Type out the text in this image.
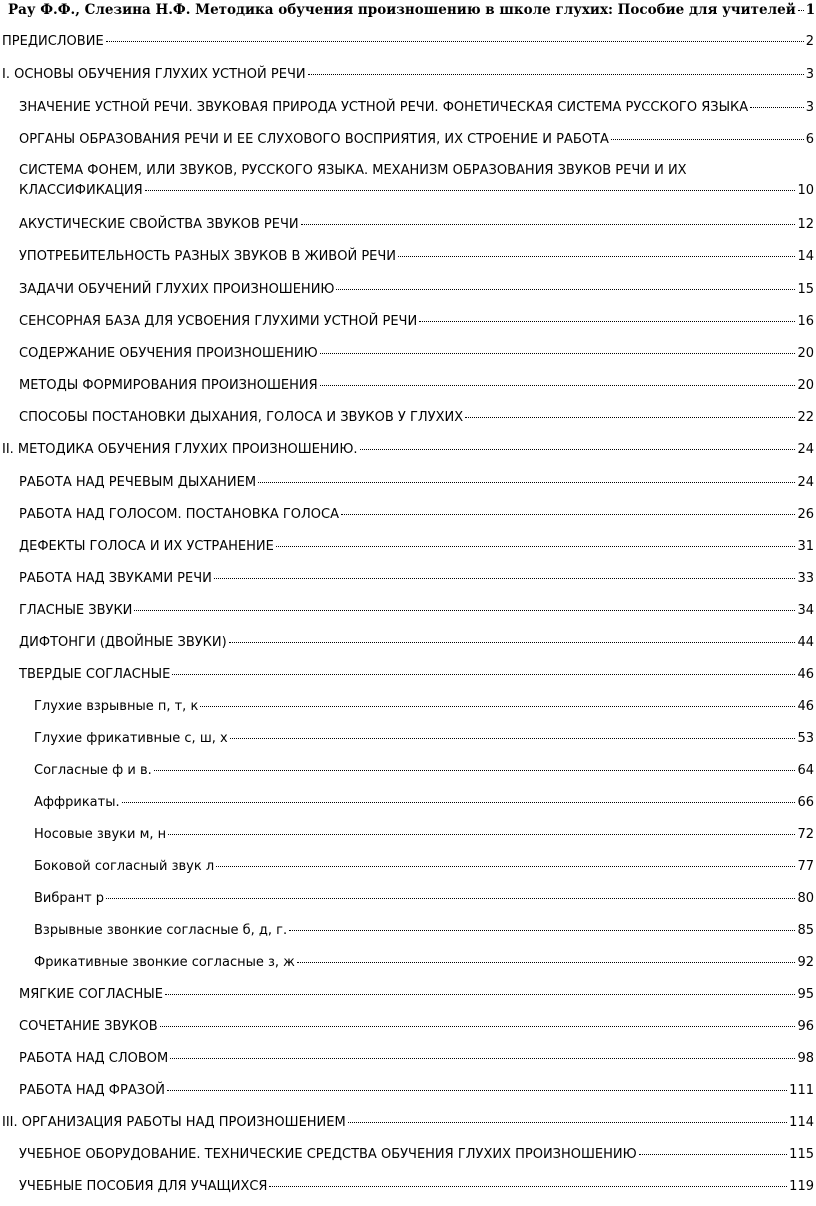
Рау Ф.Ф., Слезина Н.Ф. Методика обучения произношению в школе глухих: Пособие для учителей 1
ПРЕДИСЛОВИЕ	2
I. ОСНОВЫ ОБУЧЕНИЯ ГЛУХИХ УСТНОЙ РЕЧИ	3
ЗНАЧЕНИЕ УСТНОЙ РЕЧИ. ЗВУКОВАЯ ПРИРОДА УСТНОЙ РЕЧИ. ФОНЕТИЧЕСКАЯ СИСТЕМА РУССКОГО ЯЗЫКА	3
ОРГАНЫ ОБРАЗОВАНИЯ РЕЧИ И ЕЕ СЛУХОВОГО ВОСПРИЯТИЯ, ИХ СТРОЕНИЕ И РАБОТА	6
СИСТЕМА ФОНЕМ, ИЛИ ЗВУКОВ, РУССКОГО ЯЗЫКА. МЕХАНИЗМ ОБРАЗОВАНИЯ ЗВУКОВ РЕЧИ И ИХ
КЛАССИФИКАЦИЯ	10
АКУСТИЧЕСКИЕ СВОЙСТВА ЗВУКОВ РЕЧИ	12
УПОТРЕБИТЕЛЬНОСТЬ РАЗНЫХ ЗВУКОВ В ЖИВОЙ РЕЧИ	14
ЗАДАЧИ ОБУЧЕНИЙ ГЛУХИХ ПРОИЗНОШЕНИЮ	15
СЕНСОРНАЯ БАЗА ДЛЯ УСВОЕНИЯ ГЛУХИМИ УСТНОЙ РЕЧИ	16
СОДЕРЖАНИЕ ОБУЧЕНИЯ ПРОИЗНОШЕНИЮ	20
МЕТОДЫ ФОРМИРОВАНИЯ ПРОИЗНОШЕНИЯ	20
СПОСОБЫ ПОСТАНОВКИ ДЫХАНИЯ, ГОЛОСА И ЗВУКОВ У ГЛУХИХ	22
II. МЕТОДИКА ОБУЧЕНИЯ ГЛУХИХ ПРОИЗНОШЕНИЮ.	24
РАБОТА НАД РЕЧЕВЫМ ДЫХАНИЕМ	24
РАБОТА НАД ГОЛОСОМ. ПОСТАНОВКА ГОЛОСА	26
ДЕФЕКТЫ ГОЛОСА И ИХ УСТРАНЕНИЕ	31
РАБОТА НАД ЗВУКАМИ РЕЧИ	33
ГЛАСНЫЕ ЗВУКИ	34
ДИФТОНГИ (ДВОЙНЫЕ ЗВУКИ)	44
ТВЕРДЫЕ СОГЛАСНЫЕ	46
Глухие взрывные п, т, к	46
Глухие фрикативные с, ш, х	53
Согласные ф и в.	64
Аффрикаты.	66
Носовые звуки м, н	72
Боковой согласный звук л	77
Вибрант р	80
Взрывные звонкие согласные б, д, г.	85
Фрикативные звонкие согласные з, ж	92
МЯГКИЕ СОГЛАСНЫЕ	95
СОЧЕТАНИЕ ЗВУКОВ	96
РАБОТА НАД СЛОВОМ	98
РАБОТА НАД ФРАЗОЙ	111
III. ОРГАНИЗАЦИЯ РАБОТЫ НАД ПРОИЗНОШЕНИЕМ	114
УЧЕБНОЕ ОБОРУДОВАНИЕ. ТЕХНИЧЕСКИЕ СРЕДСТВА ОБУЧЕНИЯ ГЛУХИХ ПРОИЗНОШЕНИЮ	115
УЧЕБНЫЕ ПОСОБИЯ ДЛЯ УЧАЩИХСЯ	119
